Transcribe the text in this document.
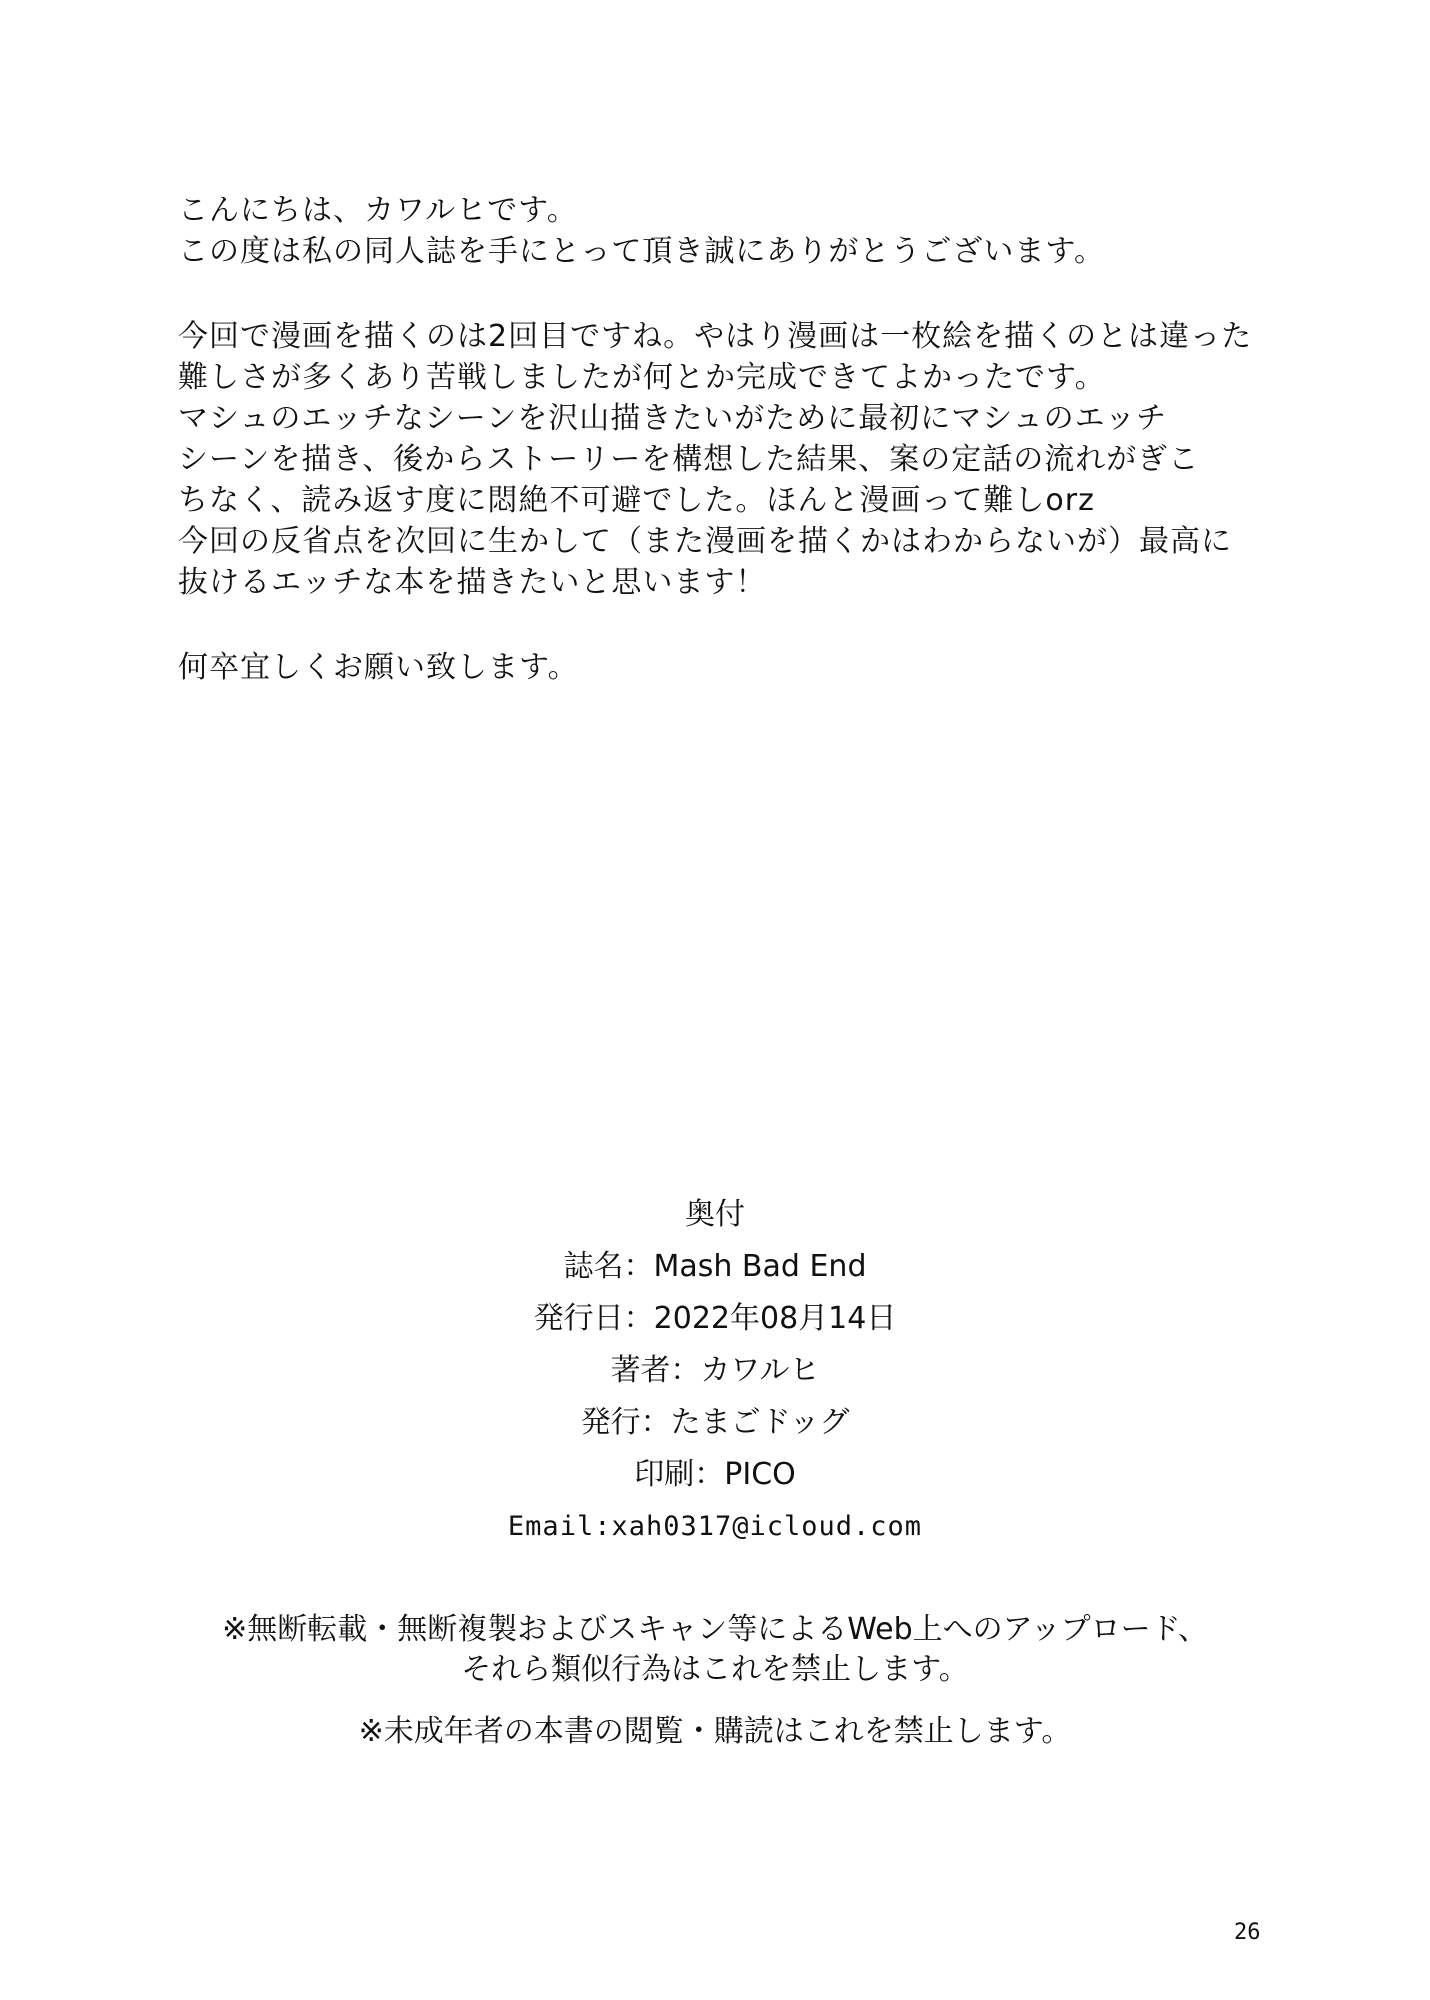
こんにちは、カワルヒです。
この度は私の同人誌を手にとって頂き誠にありがとうございます。
今回で漫画を描くのは2回目ですね。やはり漫画は一枚絵を描くのとは違った
難しさが多くあり苦戦しましたが何とか完成できてよかったです。
マシュのエッチなシーンを沢山描きたいがために最初にマシュのエッチ
シーンを描き、後からストーリーを構想した結果、案の定話の流れがぎこ
ちなく、読み返す度に悶絶不可避でした。ほんと漫画って難しorz
今回の反省点を次回に生かして（また漫画を描くかはわからないが）最高に
抜けるエッチな本を描きたいと思います！
何卒宜しくお願い致します。
奥付
誌名：Mash Bad End
発行日：2022年08月14日
著者：カワルヒ
発行：たまごドッグ
印刷：PICO
Email:xah0317@icloud.com
※無断転載・無断複製およびスキャン等によるWeb上へのアップロード、
それら類似行為はこれを禁止します。
※未成年者の本書の閲覧・購読はこれを禁止します。
26
